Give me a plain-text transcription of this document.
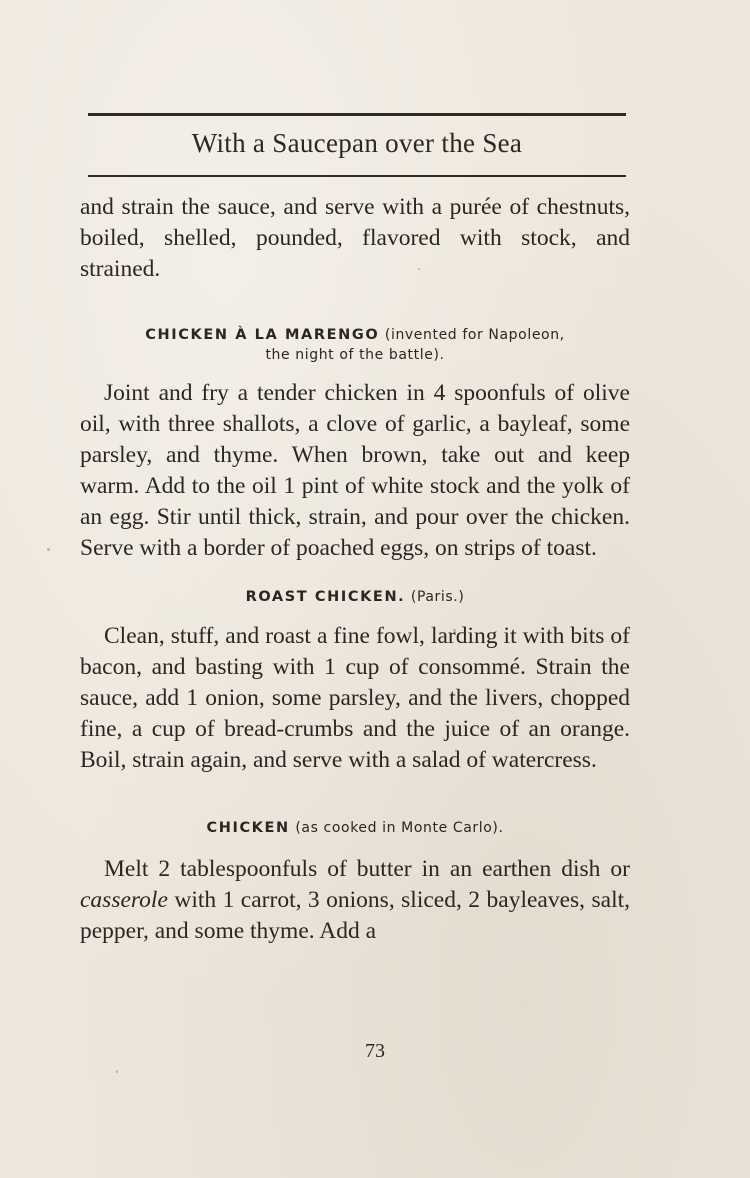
With a Saucepan over the Sea

and strain the sauce, and serve with a purée of chestnuts, boiled, shelled, pounded, flavored with stock, and strained.

CHICKEN À LA MARENGO (invented for Napoleon,
the night of the battle).

Joint and fry a tender chicken in 4 spoonfuls of olive oil, with three shallots, a clove of garlic, a bayleaf, some parsley, and thyme. When brown, take out and keep warm. Add to the oil 1 pint of white stock and the yolk of an egg. Stir until thick, strain, and pour over the chicken. Serve with a border of poached eggs, on strips of toast.

ROAST CHICKEN. (Paris.)

Clean, stuff, and roast a fine fowl, larding it with bits of bacon, and basting with 1 cup of consommé. Strain the sauce, add 1 onion, some parsley, and the livers, chopped fine, a cup of bread-crumbs and the juice of an orange. Boil, strain again, and serve with a salad of watercress.

CHICKEN (as cooked in Monte Carlo).

Melt 2 tablespoonfuls of butter in an earthen dish or casserole with 1 carrot, 3 onions, sliced, 2 bayleaves, salt, pepper, and some thyme. Add a

73
